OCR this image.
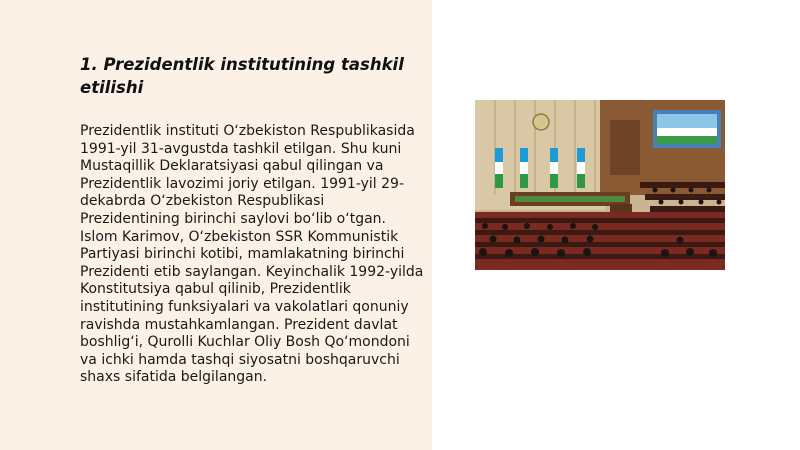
1. Prezidentlik institutining tashkil etilishi

Prezidentlik instituti O‘zbekiston Respublikasida 1991-yil 31-avgustda tashkil etilgan. Shu kuni Mustaqillik Deklaratsiyasi qabul qilingan va Prezidentlik lavozimi joriy etilgan. 1991-yil 29-dekabrda O‘zbekiston Respublikasi Prezidentining birinchi saylovi bo‘lib o‘tgan. Islom Karimov, O‘zbekiston SSR Kommunistik Partiyasi birinchi kotibi, mamlakatning birinchi Prezidenti etib saylangan. Keyinchalik 1992-yilda Konstitutsiya qabul qilinib, Prezidentlik institutining funksiyalari va vakolatlari qonuniy ravishda mustahkamlangan. Prezident davlat boshlig‘i, Qurolli Kuchlar Oliy Bosh Qo‘mondoni va ichki hamda tashqi siyosatni boshqaruvchi shaxs sifatida belgilangan.
